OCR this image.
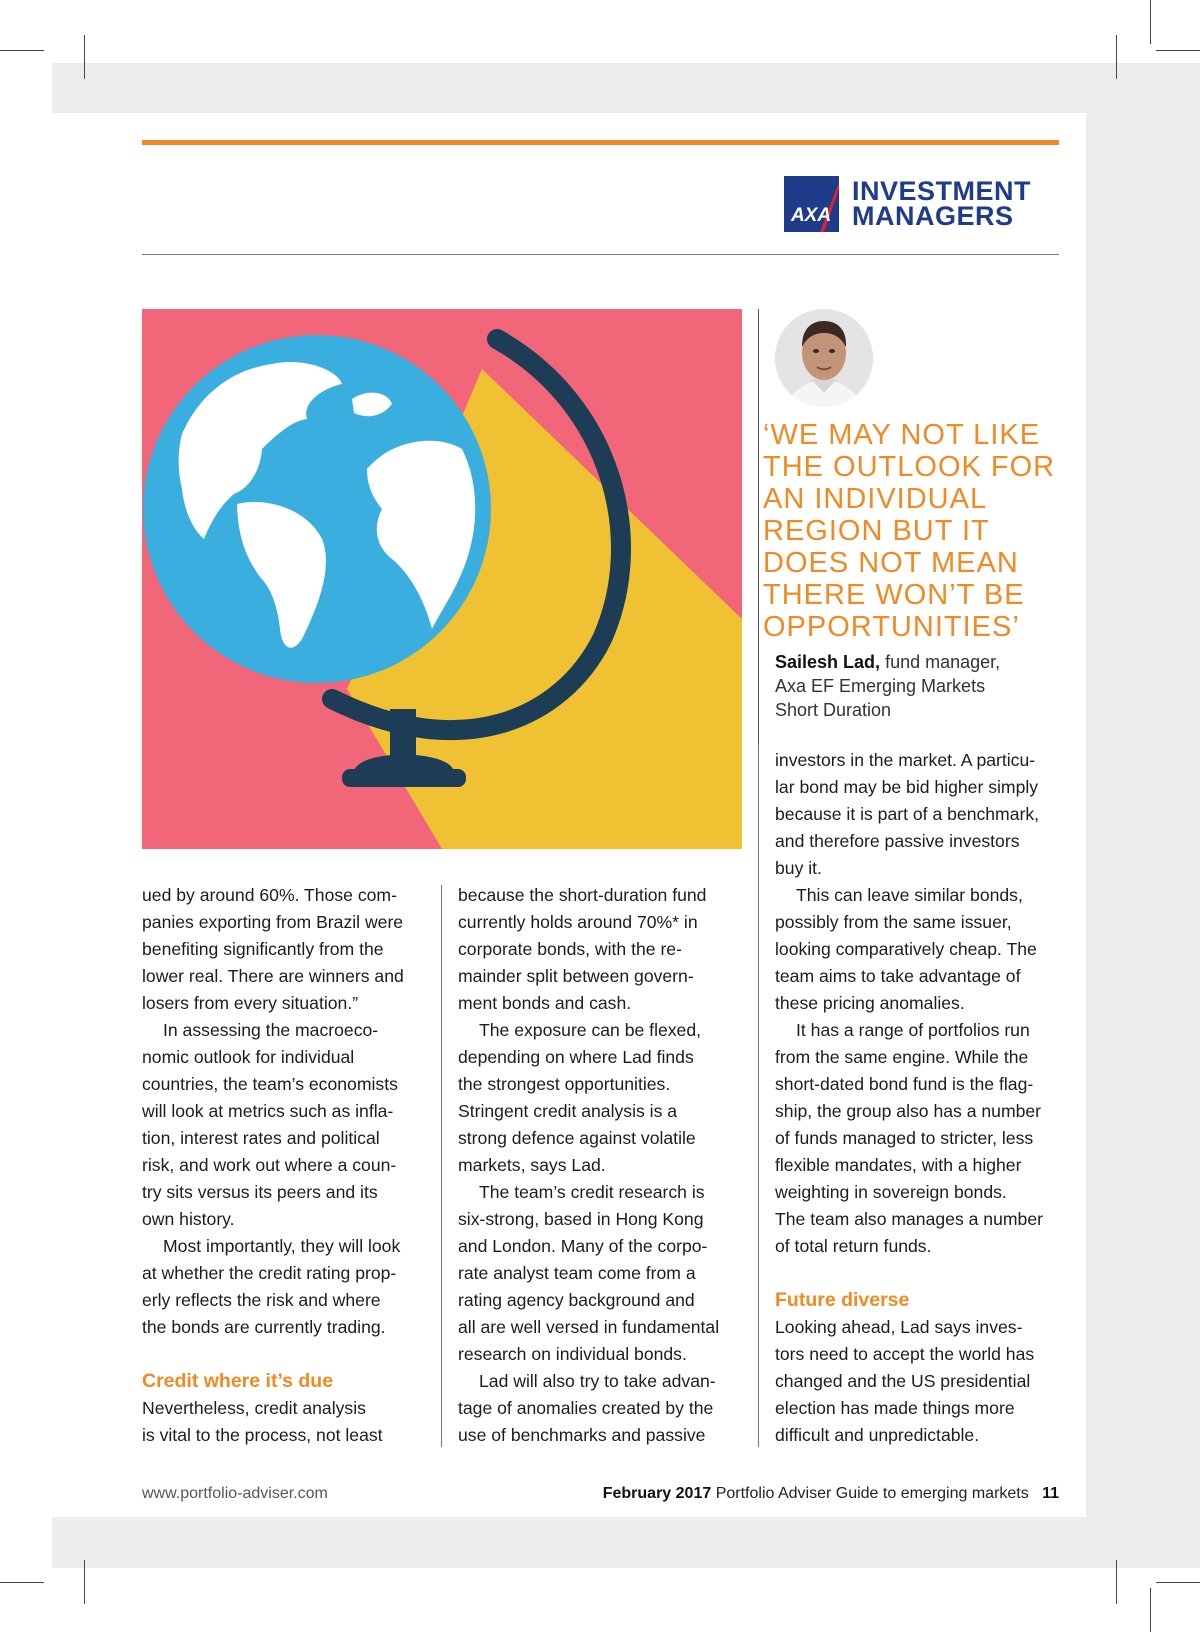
AXA
INVESTMENT
MANAGERS
‘WE MAY NOT LIKE
THE OUTLOOK FOR
AN INDIVIDUAL
REGION BUT IT
DOES NOT MEAN
THERE WON’T BE
OPPORTUNITIES’
Sailesh Lad, fund manager,
Axa EF Emerging Markets
Short Duration

ued by around 60%. Those com-

panies exporting from Brazil were

benefiting significantly from the

lower real. There are winners and

losers from every situation.”

In assessing the macroeco-

nomic outlook for individual

countries, the team’s economists

will look at metrics such as infla-

tion, interest rates and political

risk, and work out where a coun-

try sits versus its peers and its

own history.

Most importantly, they will look

at whether the credit rating prop-

erly reflects the risk and where

the bonds are currently trading.

Credit where it’s due

Nevertheless, credit analysis

is vital to the process, not least

because the short-duration fund

currently holds around 70%* in

corporate bonds, with the re-

mainder split between govern-

ment bonds and cash.

The exposure can be flexed,

depending on where Lad finds

the strongest opportunities.

Stringent credit analysis is a

strong defence against volatile

markets, says Lad.

The team’s credit research is

six-strong, based in Hong Kong

and London. Many of the corpo-

rate analyst team come from a

rating agency background and

all are well versed in fundamental

research on individual bonds.

Lad will also try to take advan-

tage of anomalies created by the

use of benchmarks and passive

investors in the market. A particu-

lar bond may be bid higher simply

because it is part of a benchmark,

and therefore passive investors

buy it.

This can leave similar bonds,

possibly from the same issuer,

looking comparatively cheap. The

team aims to take advantage of

these pricing anomalies.

It has a range of portfolios run

from the same engine. While the

short-dated bond fund is the flag-

ship, the group also has a number

of funds managed to stricter, less

flexible mandates, with a higher

weighting in sovereign bonds.

The team also manages a number

of total return funds.

Future diverse

Looking ahead, Lad says inves-

tors need to accept the world has

changed and the US presidential

election has made things more

difficult and unpredictable.

www.portfolio-adviser.com	February 2017 Portfolio Adviser Guide to emerging markets 11
